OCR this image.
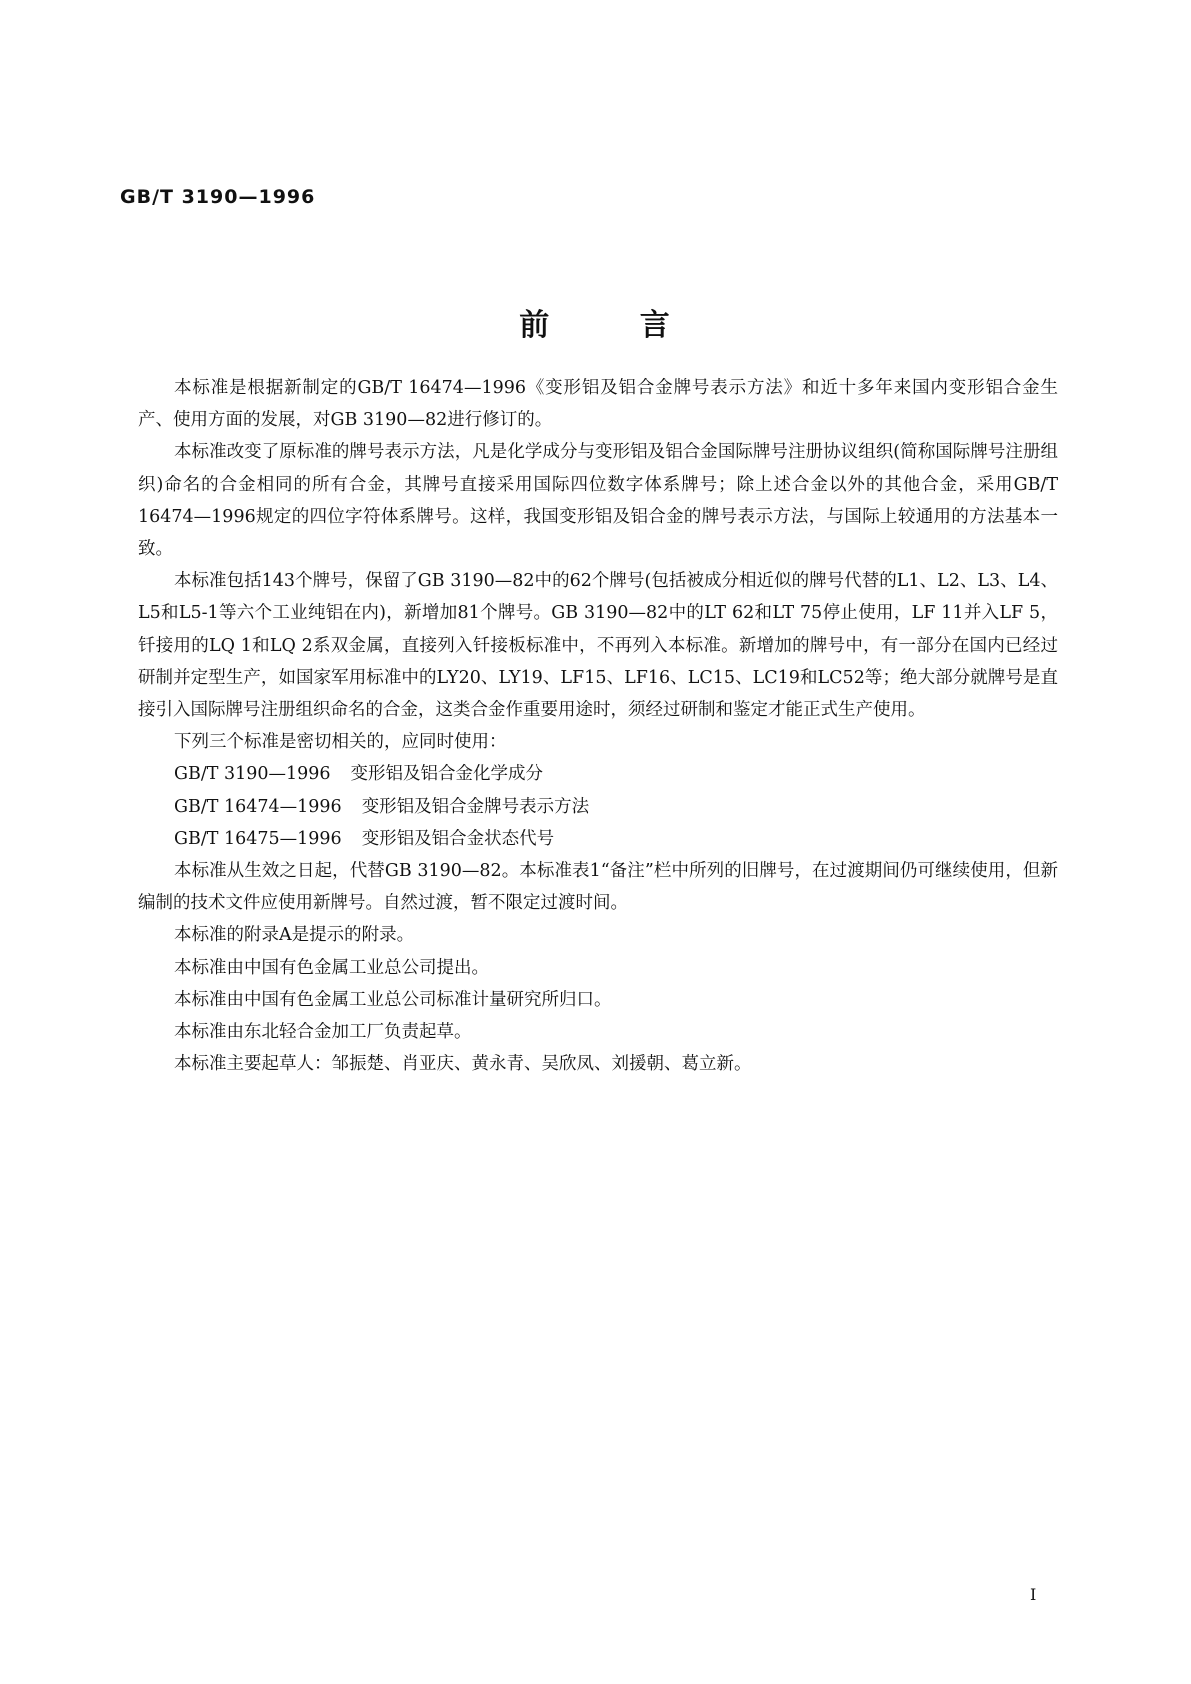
GB/T 3190—1996
前	言

本标准是根据新制定的GB/T 16474—1996《变形铝及铝合金牌号表示方法》和近十多年来国内变形铝合金生产、使用方面的发展，对GB 3190—82进行修订的。

本标准改变了原标准的牌号表示方法，凡是化学成分与变形铝及铝合金国际牌号注册协议组织(简称国际牌号注册组织)命名的合金相同的所有合金，其牌号直接采用国际四位数字体系牌号；除上述合金以外的其他合金，采用GB/T 16474—1996规定的四位字符体系牌号。这样，我国变形铝及铝合金的牌号表示方法，与国际上较通用的方法基本一致。

本标准包括143个牌号，保留了GB 3190—82中的62个牌号(包括被成分相近似的牌号代替的L1、L2、L3、L4、L5和L5-1等六个工业纯铝在内)，新增加81个牌号。GB 3190—82中的LT 62和LT 75停止使用，LF 11并入LF 5，钎接用的LQ 1和LQ 2系双金属，直接列入钎接板标准中，不再列入本标准。新增加的牌号中，有一部分在国内已经过研制并定型生产，如国家军用标准中的LY20、LY19、LF15、LF16、LC15、LC19和LC52等；绝大部分就牌号是直接引入国际牌号注册组织命名的合金，这类合金作重要用途时，须经过研制和鉴定才能正式生产使用。

下列三个标准是密切相关的，应同时使用：

GB/T 3190—1996 变形铝及铝合金化学成分
GB/T 16474—1996 变形铝及铝合金牌号表示方法
GB/T 16475—1996 变形铝及铝合金状态代号

本标准从生效之日起，代替GB 3190—82。本标准表1“备注”栏中所列的旧牌号，在过渡期间仍可继续使用，但新编制的技术文件应使用新牌号。自然过渡，暂不限定过渡时间。

本标准的附录A是提示的附录。

本标准由中国有色金属工业总公司提出。

本标准由中国有色金属工业总公司标准计量研究所归口。

本标准由东北轻合金加工厂负责起草。

本标准主要起草人：邹振楚、肖亚庆、黄永青、吴欣凤、刘援朝、葛立新。

I
